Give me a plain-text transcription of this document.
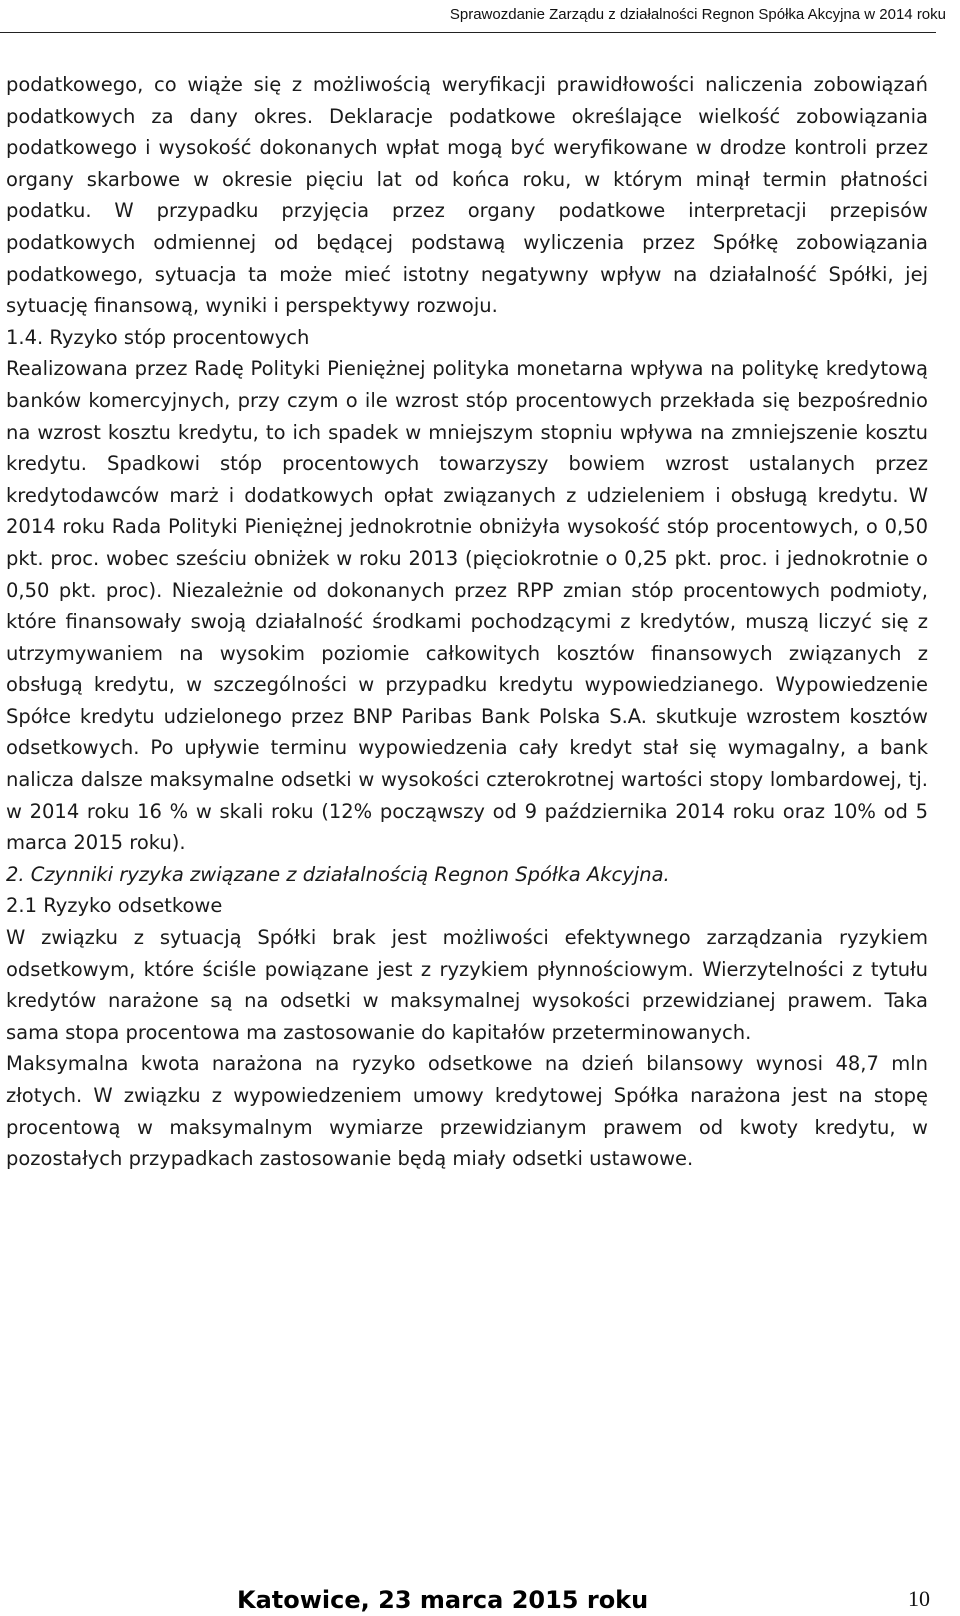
Sprawozdanie Zarządu z działalności Regnon Spółka Akcyjna w 2014 roku

podatkowego, co wiąże się z możliwością weryfikacji prawidłowości naliczenia zobowiązań podatkowych za dany okres. Deklaracje podatkowe określające wielkość zobowiązania podatkowego i wysokość dokonanych wpłat mogą być weryfikowane w drodze kontroli przez organy skarbowe w okresie pięciu lat od końca roku, w którym minął termin płatności podatku. W przypadku przyjęcia przez organy podatkowe interpretacji przepisów podatkowych odmiennej od będącej podstawą wyliczenia przez Spółkę zobowiązania podatkowego, sytuacja ta może mieć istotny negatywny wpływ na działalność Spółki, jej sytuację finansową, wyniki i perspektywy rozwoju.

1.4. Ryzyko stóp procentowych

Realizowana przez Radę Polityki Pieniężnej polityka monetarna wpływa na politykę kredytową banków komercyjnych, przy czym o ile wzrost stóp procentowych przekłada się bezpośrednio na wzrost kosztu kredytu, to ich spadek w mniejszym stopniu wpływa na zmniejszenie kosztu kredytu. Spadkowi stóp procentowych towarzyszy bowiem wzrost ustalanych przez kredytodawców marż i dodatkowych opłat związanych z udzieleniem i obsługą kredytu. W 2014 roku Rada Polityki Pieniężnej jednokrotnie obniżyła wysokość stóp procentowych, o 0,50 pkt. proc. wobec sześciu obniżek w roku 2013 (pięciokrotnie o 0,25 pkt. proc. i jednokrotnie o 0,50 pkt. proc). Niezależnie od dokonanych przez RPP zmian stóp procentowych podmioty, które finansowały swoją działalność środkami pochodzącymi z kredytów, muszą liczyć się z utrzymywaniem na wysokim poziomie całkowitych kosztów finansowych związanych z obsługą kredytu, w szczególności w przypadku kredytu wypowiedzianego. Wypowiedzenie Spółce kredytu udzielonego przez BNP Paribas Bank Polska S.A. skutkuje wzrostem kosztów odsetkowych. Po upływie terminu wypowiedzenia cały kredyt stał się wymagalny, a bank nalicza dalsze maksymalne odsetki w wysokości czterokrotnej wartości stopy lombardowej, tj. w 2014 roku 16 % w skali roku (12% począwszy od 9 października 2014 roku oraz 10% od 5 marca 2015 roku).

2. Czynniki ryzyka związane z działalnością Regnon Spółka Akcyjna.
2.1 Ryzyko odsetkowe

W związku z sytuacją Spółki brak jest możliwości efektywnego zarządzania ryzykiem odsetkowym, które ściśle powiązane jest z ryzykiem płynnościowym. Wierzytelności z tytułu kredytów narażone są na odsetki w maksymalnej wysokości przewidzianej prawem. Taka sama stopa procentowa ma zastosowanie do kapitałów przeterminowanych.

Maksymalna kwota narażona na ryzyko odsetkowe na dzień bilansowy wynosi 48,7 mln złotych. W związku z wypowiedzeniem umowy kredytowej Spółka narażona jest na stopę procentową w maksymalnym wymiarze przewidzianym prawem od kwoty kredytu, w pozostałych przypadkach zastosowanie będą miały odsetki ustawowe.

Katowice, 23 marca 2015 roku	10
